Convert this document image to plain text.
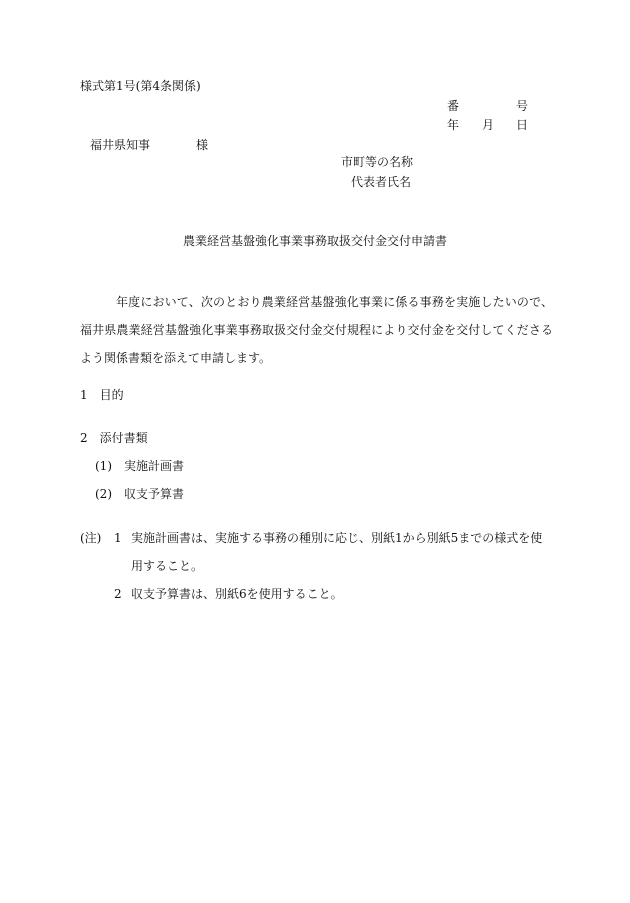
様式第1号(第4条関係)
番	号
年 月 日
福井県知事	様
市町等の名称
代表者氏名
農業経営基盤強化事業事務取扱交付金交付申請書
年度において、次のとおり農業経営基盤強化事業に係る事務を実施したいので、福井県農業経営基盤強化事業事務取扱交付金交付規程により交付金を交付してくださるよう関係書類を添えて申請します。
1　目的
2　添付書類
(1)　実施計画書
(2)　収支予算書
(注) 1 実施計画書は、実施する事務の種別に応じ、別紙1から別紙5までの様式を使用すること。
2 収支予算書は、別紙6を使用すること。
